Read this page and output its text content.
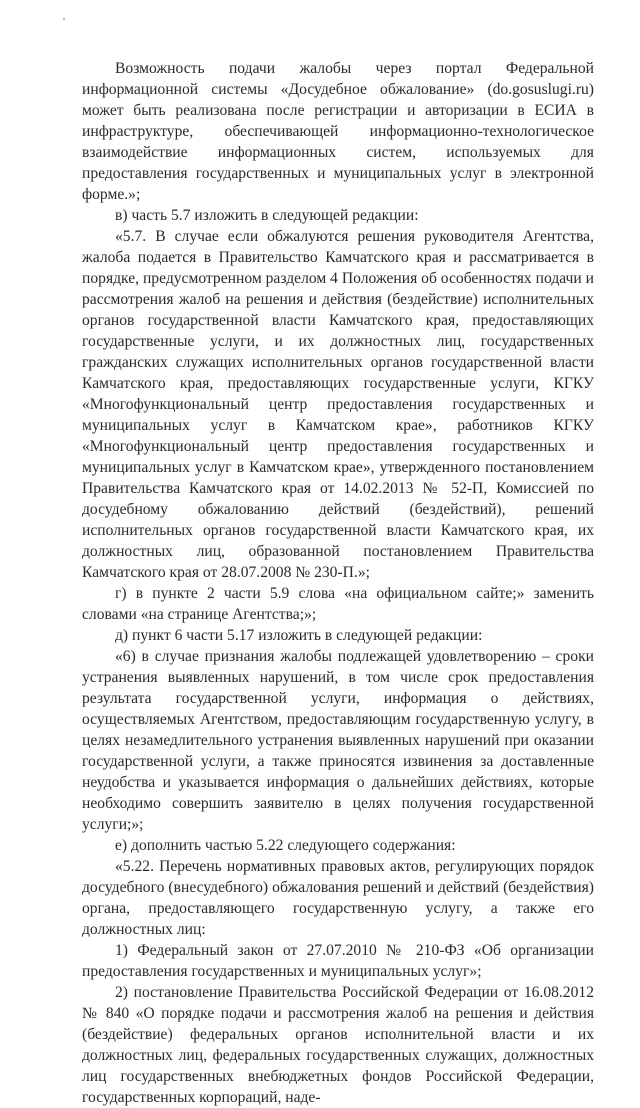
Возможность подачи жалобы через портал Федеральной информационной системы «Досудебное обжалование» (do.gosuslugi.ru) может быть реализована после регистрации и авторизации в ЕСИА в инфраструктуре, обеспечивающей информационно-технологическое взаимодействие информационных систем, используемых для предоставления государственных и муниципальных услуг в электронной форме.»;

в) часть 5.7 изложить в следующей редакции:

«5.7. В случае если обжалуются решения руководителя Агентства, жалоба подается в Правительство Камчатского края и рассматривается в порядке, предусмотренном разделом 4 Положения об особенностях подачи и рассмотрения жалоб на решения и действия (бездействие) исполнительных органов государственной власти Камчатского края, предоставляющих государственные услуги, и их должностных лиц, государственных гражданских служащих исполнительных органов государственной власти Камчатского края, предоставляющих государственные услуги, КГКУ «Многофункциональный центр предоставления государственных и муниципальных услуг в Камчатском крае», работников КГКУ «Многофункциональный центр предоставления государственных и муниципальных услуг в Камчатском крае», утвержденного постановлением Правительства Камчатского края от 14.02.2013 № 52-П, Комиссией по досудебному обжалованию действий (бездействий), решений исполнительных органов государственной власти Камчатского края, их должностных лиц, образованной постановлением Правительства Камчатского края от 28.07.2008 № 230-П.»;

г) в пункте 2 части 5.9 слова «на официальном сайте;» заменить словами «на странице Агентства;»;

д) пункт 6 части 5.17 изложить в следующей редакции:

«6) в случае признания жалобы подлежащей удовлетворению – сроки устранения выявленных нарушений, в том числе срок предоставления результата государственной услуги, информация о действиях, осуществляемых Агентством, предоставляющим государственную услугу, в целях незамедлительного устранения выявленных нарушений при оказании государственной услуги, а также приносятся извинения за доставленные неудобства и указывается информация о дальнейших действиях, которые необходимо совершить заявителю в целях получения государственной услуги;»;

е) дополнить частью 5.22 следующего содержания:

«5.22. Перечень нормативных правовых актов, регулирующих порядок досудебного (внесудебного) обжалования решений и действий (бездействия) органа, предоставляющего государственную услугу, а также его должностных лиц:

1) Федеральный закон от 27.07.2010 № 210-ФЗ «Об организации предоставления государственных и муниципальных услуг»;

2) постановление Правительства Российской Федерации от 16.08.2012 № 840 «О порядке подачи и рассмотрения жалоб на решения и действия (бездействие) федеральных органов исполнительной власти и их должностных лиц, федеральных государственных служащих, должностных лиц государственных внебюджетных фондов Российской Федерации, государственных корпораций, наде-
